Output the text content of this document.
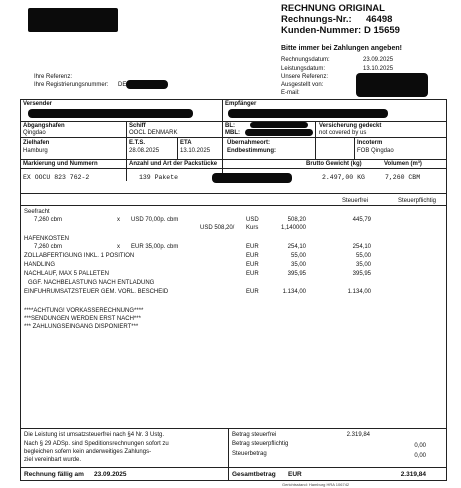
RECHNUNG ORIGINAL
Rechnungs-Nr.: 46498
Kunden-Nummer: D 15659
Bitte immer bei Zahlungen angeben!
Rechnungsdatum:	23.09.2025
Leistungsdatum:	13.10.2025
Unsere Referenz:
Ausgestellt von:
E-mail:
Ihre Referenz:
Ihre Registrierungsnummer: DE
Versender	Empfänger
Abgangshafen
Qingdao
Schiff
OOCL DENMARK
BL:
MBL:
Versicherung gedeckt
not covered by us
Zielhafen
Hamburg
E.T.S.
28.08.2025
ETA
13.10.2025
Übernahmeort:
Endbestimmung:
Incoterm
FOB Qingdao
Markierung und Nummern	Anzahl und Art der Packstücke	Brutto Gewicht (kg)	Volumen (m³)
EX OOCU 823 762-2	139 Pakete	2.497,00 KG	7,260 CBM
Steuerfrei	Steuerpflichtig
Seefracht
7,260 cbm	x USD 70,00p. cbm	USD	508,20	445,79
USD 508,20/ Kurs	1,140000
HAFENKOSTEN
7,260 cbm	x EUR 35,00p. cbm	EUR	254,10	254,10
ZOLLABFERTIGUNG INKL. 1 POSITION	EUR	55,00	55,00
HANDLING	EUR	35,00	35,00
NACHLAUF, MAX 5 PALLETEN	EUR	395,95	395,95
GGF. NACHBELASTUNG NACH ENTLADUNG
EINFUHRUMSATZSTEUER GEM. VORL. BESCHEID	EUR	1.134,00	1.134,00
****ACHTUNG! VORKASSERECHNUNG****
***SENDUNGEN WERDEN ERST NACH***
*** ZAHLUNGSEINGANG DISPONIERT***
Die Leistung ist umsatzsteuerfrei nach §4 Nr. 3 Ustg.
Nach § 29 ADSp. sind Speditionsrechnungen sofort zu
begleichen sofern kein anderweitiges Zahlungs-
ziel vereinbart wurde.
Betrag steuerfrei	2.319,84
Betrag steuerpflichtig	0,00
Steuerbetrag	0,00
Rechnung fällig am 23.09.2025	Gesamtbetrag EUR	2.319,84
Gerichtsstand: Hamburg HRA 106742
